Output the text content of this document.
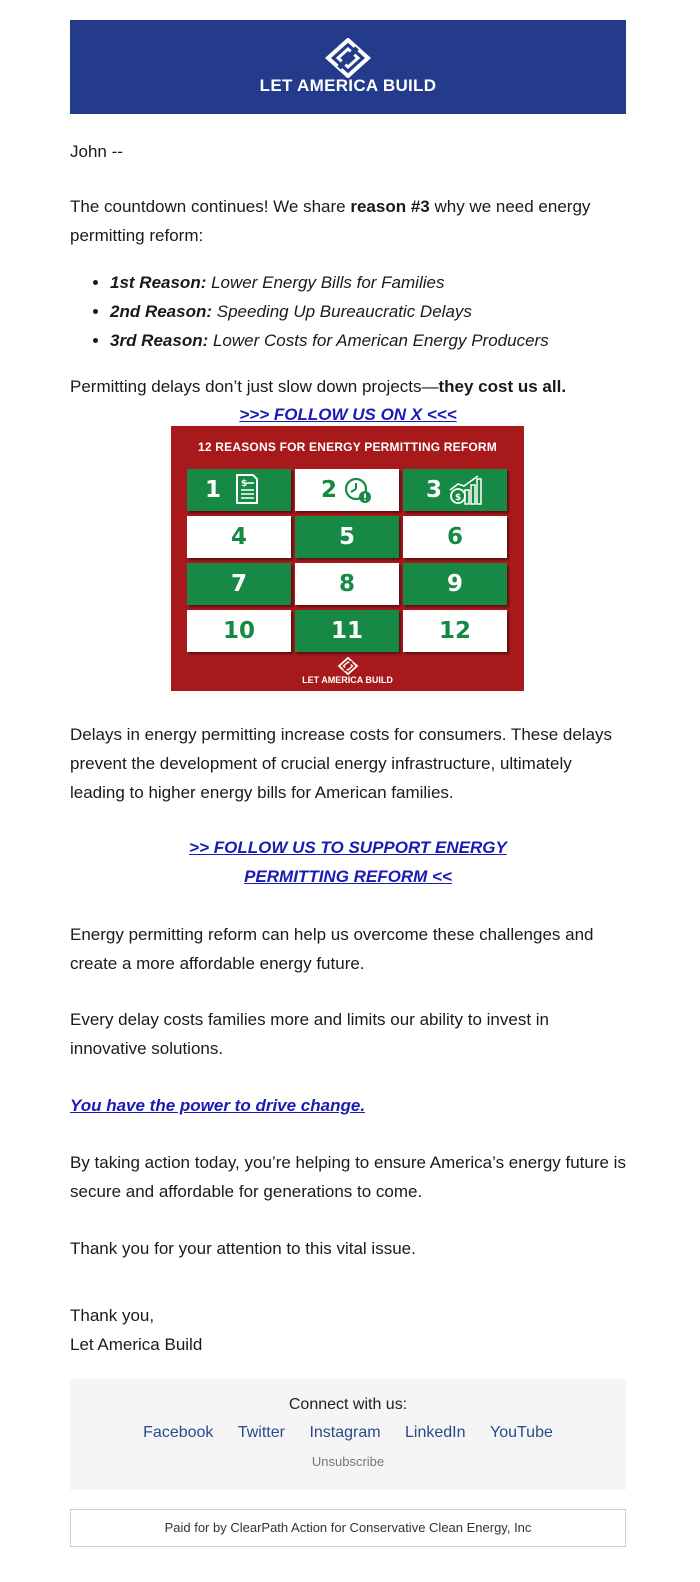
LET AMERICA BUILD

John --

The countdown continues! We share reason #3 why we need energy permitting reform:

• 1st Reason: Lower Energy Bills for Families
• 2nd Reason: Speeding Up Bureaucratic Delays
• 3rd Reason: Lower Costs for American Energy Producers

Permitting delays don’t just slow down projects—they cost us all.

>>> FOLLOW US ON X <<<
12 REASONS FOR ENERGY PERMITTING REFORM
1 $	2	3 $
4	5	6
7	8	9
10	11	12
LET AMERICA BUILD

Delays in energy permitting increase costs for consumers. These delays prevent the development of crucial energy infrastructure, ultimately leading to higher energy bills for American families.

>> FOLLOW US TO SUPPORT ENERGY
PERMITTING REFORM <<

Energy permitting reform can help us overcome these challenges and create a more affordable energy future.

Every delay costs families more and limits our ability to invest in innovative solutions.

You have the power to drive change.

By taking action today, you’re helping to ensure America’s energy future is secure and affordable for generations to come.

Thank you for your attention to this vital issue.

Thank you,
Let America Build

Connect with us:
Facebook Twitter Instagram LinkedIn YouTube
Unsubscribe
Paid for by ClearPath Action for Conservative Clean Energy, Inc
